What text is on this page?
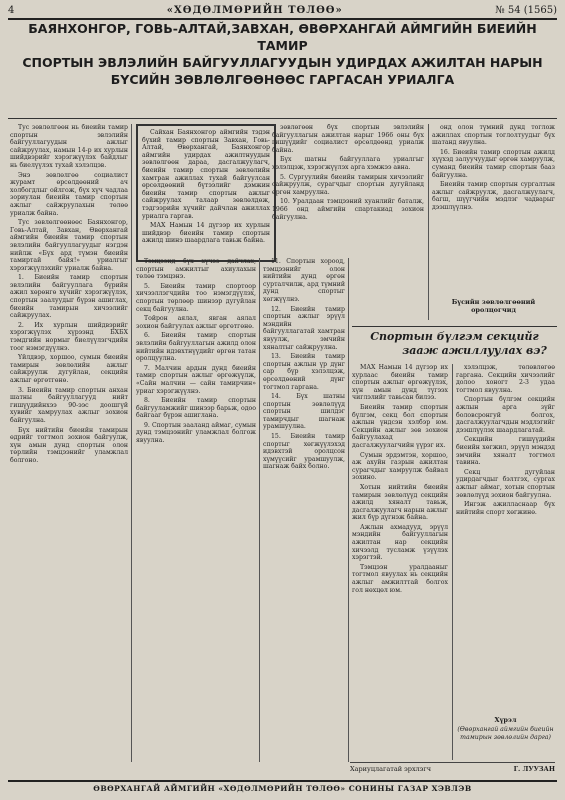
4	«ХӨДӨЛМӨРИЙН ТӨЛӨӨ»	№ 54 (1565)
БАЯНХОНГОР, ГОВЬ-АЛТАЙ,ЗАВХАН, ӨВӨРХАНГАЙ АЙМГИЙН БИЕИЙН ТАМИР
СПОРТЫН ЭВЛЭЛИЙН БАЙГУУЛЛАГУУДЫН УДИРДАХ АЖИЛТАН НАРЫН
БҮСИЙН ЗӨВЛӨЛГӨӨНӨӨС ГАРГАСАН УРИАЛГА

Тус зөвлөлгөөн нь биеийн тамир спортын эвлэлийн байгууллагуудын ажлыг сайжруулах, намын 14-р их хурлын шийдвэрийг хэрэгжүүлэх байдлыг нь биелүүлэх тухай хэлэлцэв.

Энэ зөвлөлгөө социалист журамт өрсөлдөөний ач холбогдлыг ойлгож, бүх хүч чадлаа зориулан биеийн тамир спортын ажлыг сайжруулахын төлөө уриалж байна.

Тус зөвлөлгөөнөөс Баянхонгор, Говь-Алтай, Завхан, Өвөрхангай аймгийн биеийн тамир спортын эвлэлийн байгууллагуудыг нэгдэн нийлж «Бүх ард түмэн биеийн тамиртай байя!» уриалгыг хэрэгжүүлэхийг уриалж байна.

1. Биеийн тамир спортын эвлэлийн байгууллага бүрийн ажил хөрөнгө хүчийг хэрэгжүүлэх, спортын заалуудыг бүрэн ашиглах, биеийн тамирын хичээлийг сайжруулах.

2. Их хурлын шийдвэрийг хэрэгжүүлэх хүрээнд БХБХ тэмдгийн нормыг биелүүлэгчдийн тоог нэмэгдүүлнэ.

Үйлдвэр, хоршоо, сумын биеийн тамирын зөвлөлийн ажлыг сайжруулж дугуйлан, секцийн ажлыг өргөтгөнө.

3. Биеийн тамир спортын анхан шатны байгууллагууд нийт гишүүдийнхээ 90-ээс доошгүй хувийг хамруулах ажлыг зохион байгуулна.

Бүх нийтийн биеийн тамирын өдрийг тогтмол зохион байгуулж, хүн амын дунд спортын олон төрлийн тэмцээнийг уламжлал болгоно.

Сайхан Баянхонгор аймгийн тэдэн бүхий тамир спортын Завхан, Говь-Алтай, Өвөрхангай, Баянхонгор аймгийн удирдах ажилтнуудын зөвлөлгөөн дараа, дасгалжуулагч, биеийн тамир спортын зөвлөлийн хамтран ажиллах тухай байгуулсан өрсөлдөөний бүтээлийг дэмжин биеийн тамир спортын ажлыг сайжруулах талаар зөвлөлдөж, тэдгээрийн хүчийг дайчлан ажиллах уриалга гаргав.

МАХ Намын 14 дүгээр их хурлын шийдвэр биеийн тамир спортын ажилд шинэ шаардлага тавьж байна.

зөвлөгөөн бүх спортын эвлэлийн байгууллагын ажилтан нарыг 1966 оны бүх гишүүдийг социалист өрсөлдөөнд уриалж байна.

Бүх шатны байгууллага уриалгыг хэлэлцэж, хэрэгжүүлэх арга хэмжээ авна.

5. Сургуулийн биеийн тамирын хичээлийг сайжруулж, сурагчдыг спортын дугуйланд өргөн хамруулна.

10. Уралдаан тэмцээний хуанлийг баталж, 1966 онд аймгийн спартакиад зохион байгуулна.

Тэмцээнд бүх хүчээ дайчлах, спортын амжилтыг ахиулахын төлөө тэмцэнэ.

5. Биеийн тамир спортоор хичээллэгчдийн тоо нэмэгдүүлэх, спортын төрлөөр шинээр дугуйлан секц байгуулна.

Тойрон аялал, явган аялал зохион байгуулах ажлыг өргөтгөнө.

6. Биеийн тамир спортын эвлэлийн байгууллагын ажилд олон нийтийн идэвхтнүүдийг өргөн татан оролцуулна.

7. Малчин ардын дунд биеийн тамир спортын ажлыг өргөжүүлж, «Сайн малчин — сайн тамирчин» уриаг хэрэгжүүлнэ.

8. Биеийн тамир спортын байгууламжийг шинээр барьж, одоо байгааг бүрэн ашиглана.

9. Спортын зааланд аймаг, сумын дунд тэмцээнийг уламжлал болгож явуулна.

11. Спортын хороод, тэмцээнийг олон нийтийн дунд өргөн сурталчилж, ард түмний дунд спортыг хөгжүүлнэ.

12. Биеийн тамир спортын ажлыг эрүүл мэндийн байгууллагатай хамтран явуулж, эмчийн хяналтыг сайжруулна.

13. Биеийн тамир спортын ажлын үр дүнг сар бүр хэлэлцэж, өрсөлдөөний дүнг тогтмол гаргана.

14. Бүх шатны спортын зөвлөлүүд спортын шилдэг тамирчдыг шагнаж урамшуулна.

15. Биеийн тамир спортыг хөгжүүлэхэд идэвхтэй оролцсон хүмүүсийг урамшуулж, шагнаж байх болно.

онд олон түмний дунд тоглож ажиллах спортын тоглолтуудыг бүх шатанд явуулна.

16. Биеийн тамир спортын ажилд хүүхэд залуучуудыг өргөн хамруулж, суманд биеийн тамир спортын бааз байгуулна.

Биеийн тамир спортын сургалтын ажлыг сайжруулж, дасгалжуулагч, багш, шүүгчийн мэдлэг чадварыг дээшлүүлнэ.

Бүсийн зөвлөлгөөний оролцогчид
Спортын бүлгэм секцийг
зааж ажиллуулах вэ?

МАХ Намын 14 дүгээр их хурлаас биеийн тамир спортын ажлыг өргөжүүлэх, хүн амын дунд түгээх чиглэлийг тавьсан билээ.

Биеийн тамир спортын бүлгэм, секц бол спортын ажлын үндсэн хэлбэр юм. Секцийн ажлыг зөв зохион байгуулахад дасгалжуулагчийн үүрэг их.

Сумын эрдэмтэн, хоршоо, аж ахуйн газрын ажилтан сурагчдыг хамруулж байвал зохино.

Хотын нийтийн биеийн тамирын зөвлөлүүд секцийн ажилд хяналт тавьж, дасгалжуулагч нарын ажлыг жил бүр дүгнэж байна.

Ажлын ахмадууд, эрүүл мэндийн байгууллагын ажилтан нар секцийн хичээлд тусламж үзүүлэх хэрэгтэй.

Тэмцээн уралдааныг тогтмол явуулах нь секцийн ажлыг амжилттай болгох гол нөхцөл юм.

хэлэлцэж, төлөвлөгөө гаргана. Секцийн хичээлийг долоо хоногт 2-3 удаа тогтмол явуулна.

Спортын бүлгэм секцийн ажлын арга зүйг боловсронгуй болгох, дасгалжуулагчдын мэдлэгийг дээшлүүлэх шаардлагатай.

Секцийн гишүүдийн биеийн хөгжил, эрүүл мэндэд эмчийн хяналт тогтмол тавина.

Секц дугуйлан удирдагчдыг бэлтгэх, сургах ажлыг аймаг, хотын спортын зөвлөлүүд зохион байгуулна.

Ингэж ажилласнаар бүх нийтийн спорт хөгжинө.

Хүрэл
(Өвөрхангай аймгийн биеийн тамирын зөвлөлийн дарга)
Хариуцлагатай эрхлэгч	Г. ЛУУЗАН
ӨВӨРХАНГАЙ АЙМГИЙН «ХӨДӨЛМӨРИЙН ТӨЛӨӨ» СОНИНЫ ГАЗАР ХЭВЛЭВ
